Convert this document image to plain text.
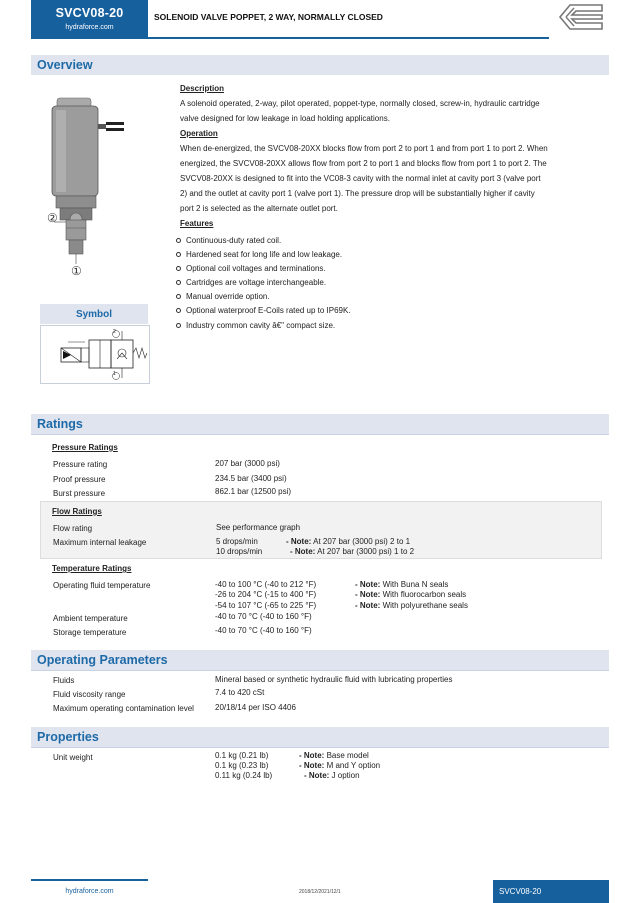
SVCV08-20
hydraforce.com
SOLENOID VALVE POPPET, 2 WAY, NORMALLY CLOSED
Overview
②
①
Description
A solenoid operated, 2-way, pilot operated, poppet-type, normally closed, screw-in, hydraulic cartridge
valve designed for low leakage in load holding applications.
Operation
When de-energized, the SVCV08-20XX blocks flow from port 2 to port 1 and from port 1 to port 2. When
energized, the SVCV08-20XX allows flow from port 2 to port 1 and blocks flow from port 1 to port 2. The
SVCV08-20XX is designed to fit into the VC08-3 cavity with the normal inlet at cavity port 3 (valve port
2) and the outlet at cavity port 1 (valve port 1). The pressure drop will be substantially higher if cavity
port 2 is selected as the alternate outlet port.
Features
Continuous-duty rated coil.
Hardened seat for long life and low leakage.
Optional coil voltages and terminations.
Cartridges are voltage interchangeable.
Manual override option.
Optional waterproof E-Coils rated up to IP69K.
Industry common cavity â€" compact size.
Symbol
2
1
Ratings
Pressure Ratings
Pressure rating	207 bar (3000 psi)
Proof pressure	234.5 bar (3400 psi)
Burst pressure	862.1 bar (12500 psi)
Flow Ratings
Flow rating	See performance graph
Maximum internal leakage	5 drops/min	- Note: At 207 bar (3000 psi) 2 to 1
10 drops/min	- Note: At 207 bar (3000 psi) 1 to 2
Temperature Ratings
Operating fluid temperature	-40 to 100 °C (-40 to 212 °F)	- Note: With Buna N seals
-26 to 204 °C (-15 to 400 °F)	- Note: With fluorocarbon seals
-54 to 107 °C (-65 to 225 °F)	- Note: With polyurethane seals
Ambient temperature	-40 to 70 °C (-40 to 160 °F)
Storage temperature	-40 to 70 °C (-40 to 160 °F)
Operating Parameters
Fluids	Mineral based or synthetic hydraulic fluid with lubricating properties
Fluid viscosity range	7.4 to 420 cSt
Maximum operating contamination level	20/18/14 per ISO 4406
Properties
Unit weight	0.1 kg (0.21 lb)	- Note: Base model
0.1 kg (0.23 lb)	- Note: M and Y option
0.11 kg (0.24 lb)	- Note: J option
hydraforce.com	2018/12/2021/12/1	SVCV08-20
